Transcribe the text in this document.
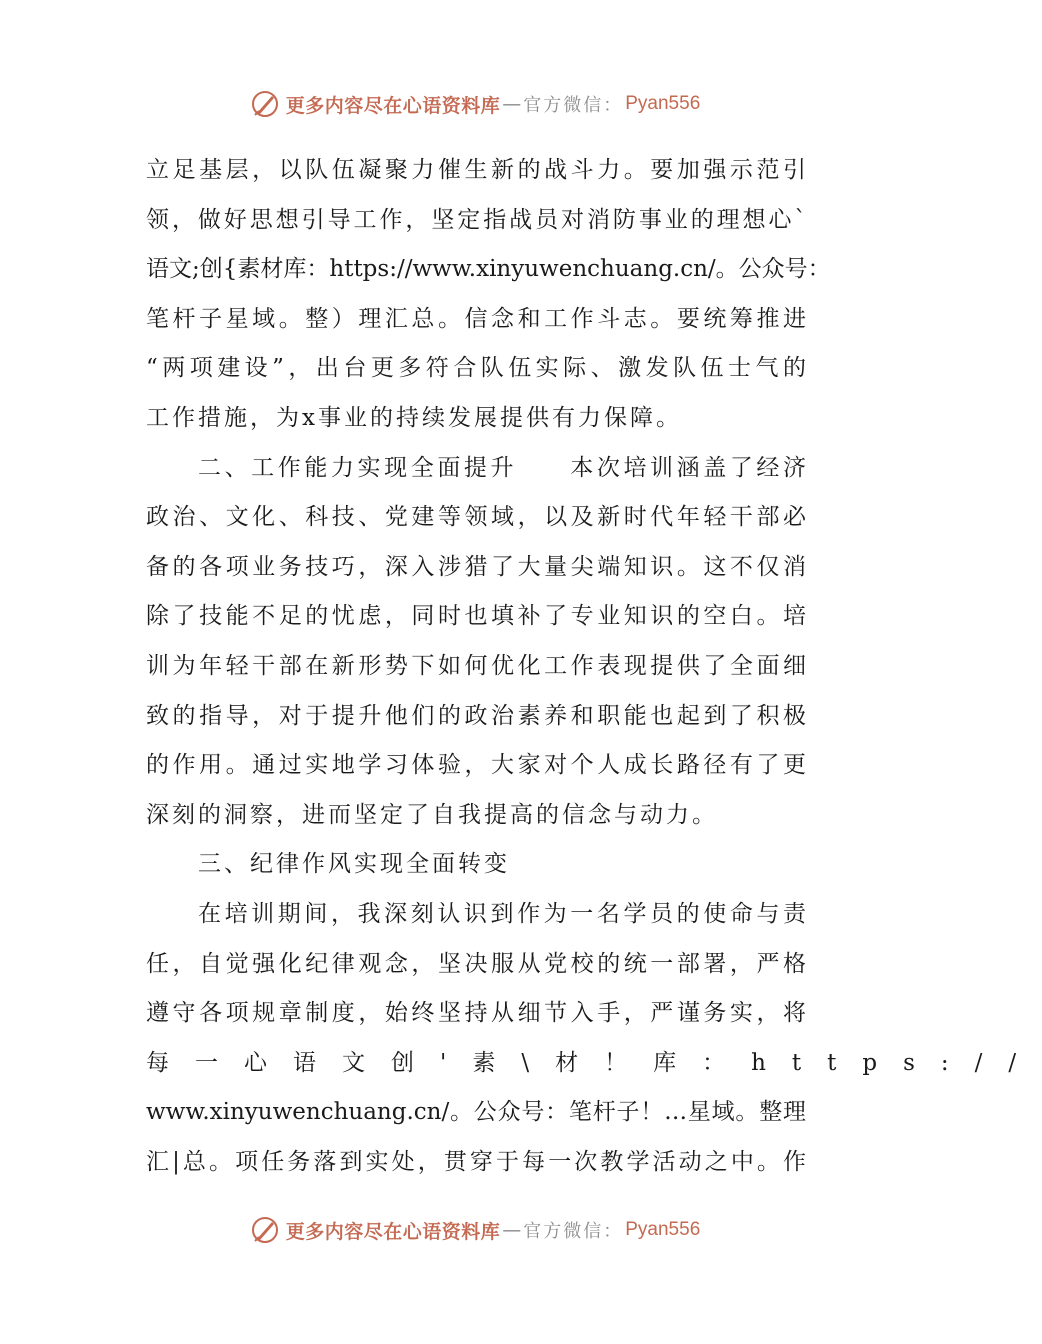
更多内容尽在心语资料库 — 官方微信： Pyan556
立足基层，以队伍凝聚力催生新的战斗力。要加强示范引
领，做好思想引导工作，坚定指战员对消防事业的理想心`
语文;创{素材库：https://www.xinyuwenchuang.cn/。公众号：
笔杆子星域。整）理汇总。信念和工作斗志。要统筹推进
“两项建设”，出台更多符合队伍实际、激发队伍士气的
工作措施，为x事业的持续发展提供有力保障。
二、工作能力实现全面提升　　本次培训涵盖了经济
政治、文化、科技、党建等领域，以及新时代年轻干部必
备的各项业务技巧，深入涉猎了大量尖端知识。这不仅消
除了技能不足的忧虑，同时也填补了专业知识的空白。培
训为年轻干部在新形势下如何优化工作表现提供了全面细
致的指导，对于提升他们的政治素养和职能也起到了积极
的作用。通过实地学习体验，大家对个人成长路径有了更
深刻的洞察，进而坚定了自我提高的信念与动力。
三、纪律作风实现全面转变
在培训期间，我深刻认识到作为一名学员的使命与责
任，自觉强化纪律观念，坚决服从党校的统一部署，严格
遵守各项规章制度，始终坚持从细节入手，严谨务实，将
每一心语文创'素\材！库：https://
www.xinyuwenchuang.cn/。公众号：笔杆子！…星域。整理
汇|总。项任务落到实处，贯穿于每一次教学活动之中。作
更多内容尽在心语资料库 — 官方微信： Pyan556
